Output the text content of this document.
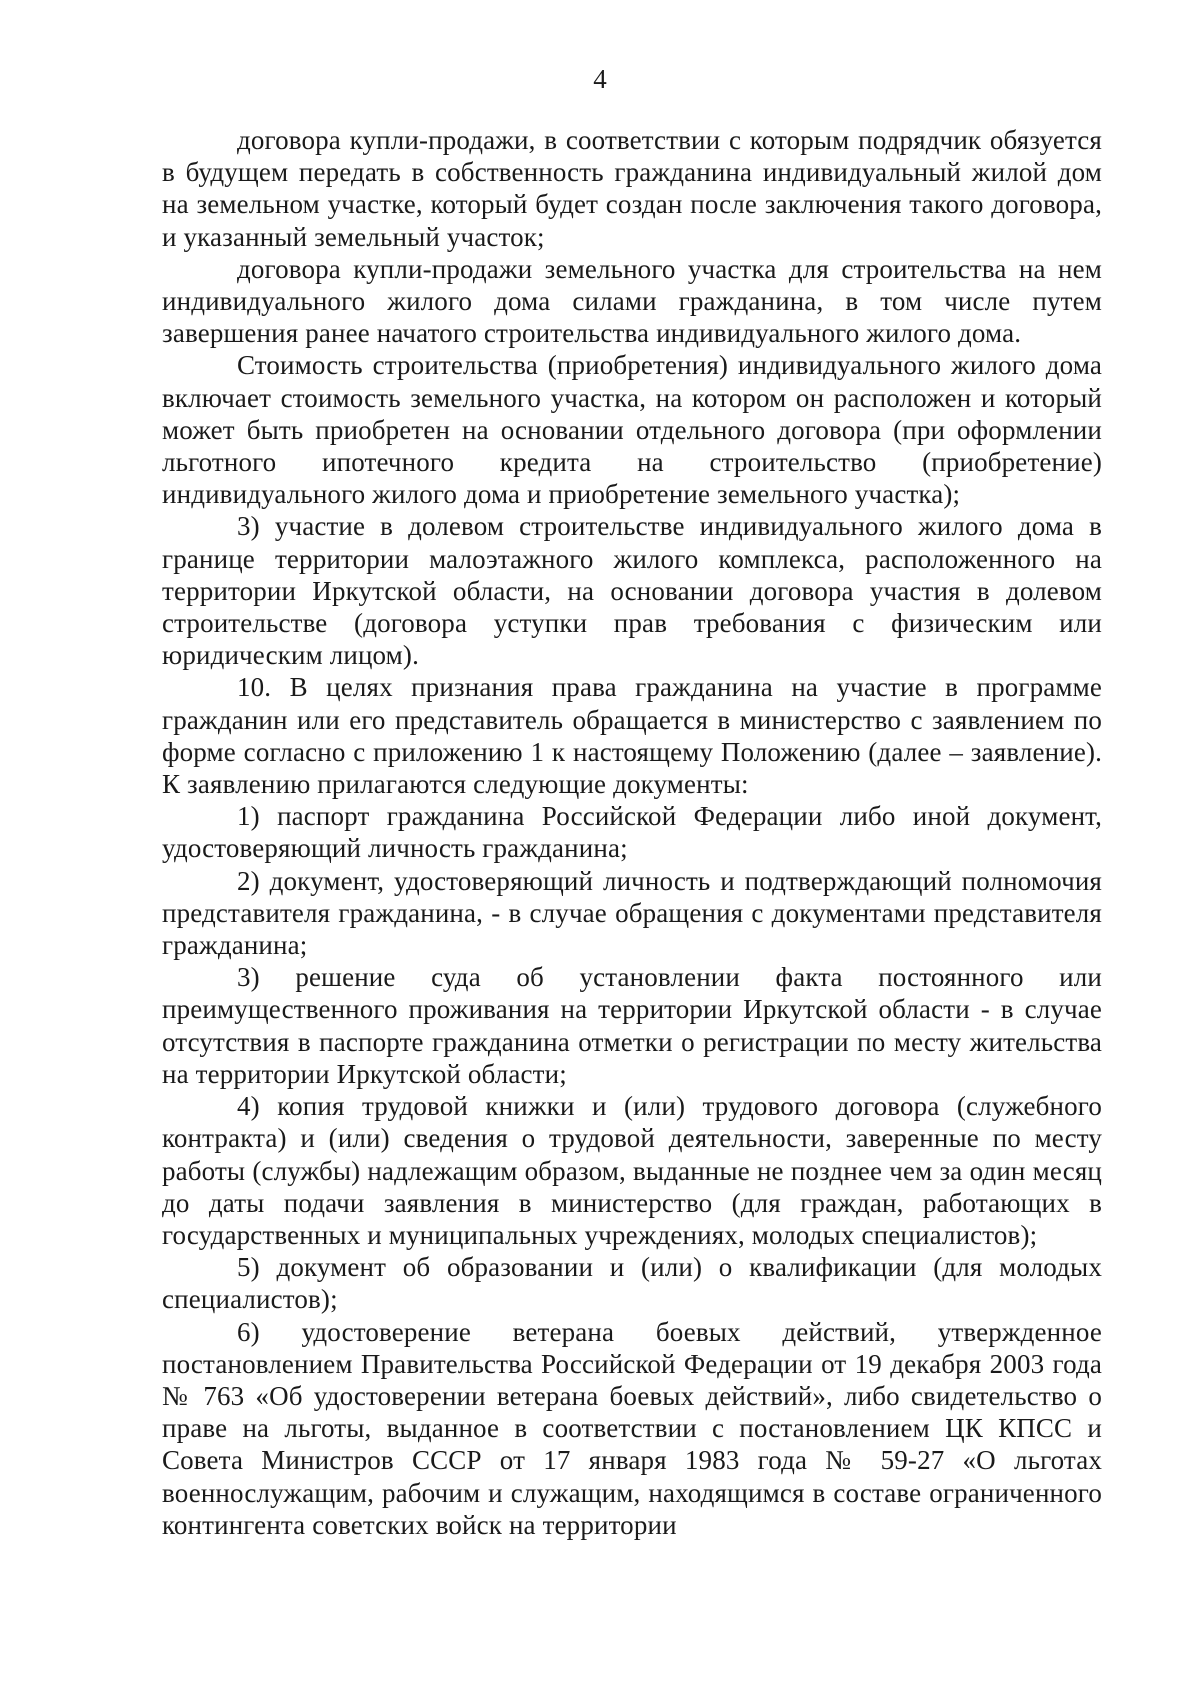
4

договора купли-продажи, в соответствии с которым подрядчик обязуется в будущем передать в собственность гражданина индивидуальный жилой дом на земельном участке, который будет создан после заключения такого договора, и указанный земельный участок;

договора купли-продажи земельного участка для строительства на нем индивидуального жилого дома силами гражданина, в том числе путем завершения ранее начатого строительства индивидуального жилого дома.

Стоимость строительства (приобретения) индивидуального жилого дома включает стоимость земельного участка, на котором он расположен и который может быть приобретен на основании отдельного договора (при оформлении льготного ипотечного кредита на строительство (приобретение) индивидуального жилого дома и приобретение земельного участка);

3) участие в долевом строительстве индивидуального жилого дома в границе территории малоэтажного жилого комплекса, расположенного на территории Иркутской области, на основании договора участия в долевом строительстве (договора уступки прав требования с физическим или юридическим лицом).

10. В целях признания права гражданина на участие в программе гражданин или его представитель обращается в министерство с заявлением по форме согласно с приложению 1 к настоящему Положению (далее – заявление). К заявлению прилагаются следующие документы:

1) паспорт гражданина Российской Федерации либо иной документ, удостоверяющий личность гражданина;

2) документ, удостоверяющий личность и подтверждающий полномочия представителя гражданина, - в случае обращения с документами представителя гражданина;

3) решение суда об установлении факта постоянного или преимущественного проживания на территории Иркутской области - в случае отсутствия в паспорте гражданина отметки о регистрации по месту жительства на территории Иркутской области;

4) копия трудовой книжки и (или) трудового договора (служебного контракта) и (или) сведения о трудовой деятельности, заверенные по месту работы (службы) надлежащим образом, выданные не позднее чем за один месяц до даты подачи заявления в министерство (для граждан, работающих в государственных и муниципальных учреждениях, молодых специалистов);

5) документ об образовании и (или) о квалификации (для молодых специалистов);

6) удостоверение ветерана боевых действий, утвержденное постановлением Правительства Российской Федерации от 19 декабря 2003 года № 763 «Об удостоверении ветерана боевых действий», либо свидетельство о праве на льготы, выданное в соответствии с постановлением ЦК КПСС и Совета Министров СССР от 17 января 1983 года № 59-27 «О льготах военнослужащим, рабочим и служащим, находящимся в составе ограниченного контингента советских войск на территории
